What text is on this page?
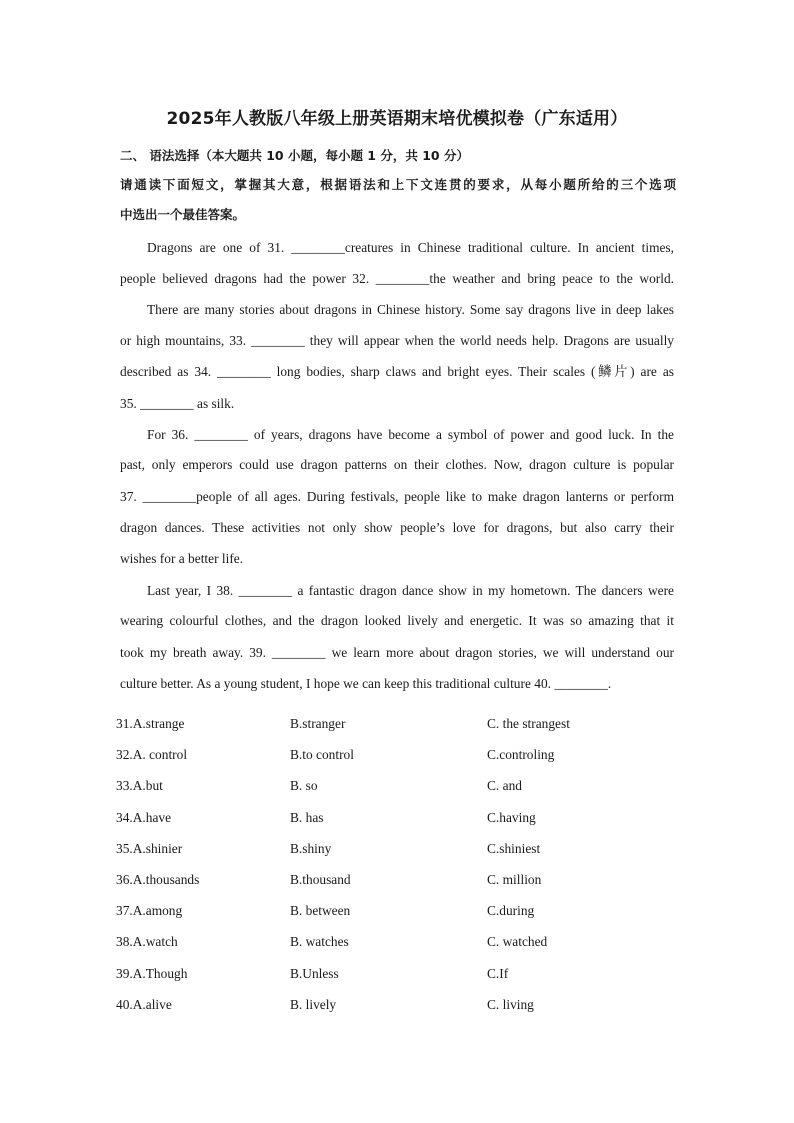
2025年人教版八年级上册英语期末培优模拟卷（广东适用）
二、 语法选择（本大题共 10 小题，每小题 1 分，共 10 分）
请通读下面短文，掌握其大意，根据语法和上下文连贯的要求，从每小题所给的三个选项
中选出一个最佳答案。
Dragons are one of 31. ________creatures in Chinese traditional culture. In ancient times,
people believed dragons had the power 32. ________the weather and bring peace to the world.
There are many stories about dragons in Chinese history. Some say dragons live in deep lakes
or high mountains, 33. ________ they will appear when the world needs help. Dragons are usually
described as 34. ________ long bodies, sharp claws and bright eyes. Their scales (鳞片) are as
35. ________ as silk.
For 36. ________ of years, dragons have become a symbol of power and good luck. In the
past, only emperors could use dragon patterns on their clothes. Now, dragon culture is popular
37. ________people of all ages. During festivals, people like to make dragon lanterns or perform
dragon dances. These activities not only show people’s love for dragons, but also carry their
wishes for a better life.
Last year, I 38. ________ a fantastic dragon dance show in my hometown. The dancers were
wearing colourful clothes, and the dragon looked lively and energetic. It was so amazing that it
took my breath away. 39. ________ we learn more about dragon stories, we will understand our
culture better. As a young student, I hope we can keep this traditional culture 40. ________.
31.A.strange	B.stranger	C. the strangest
32.A. control	B.to control	C.controling
33.A.but	B. so	C. and
34.A.have	B. has	C.having
35.A.shinier	B.shiny	C.shiniest
36.A.thousands	B.thousand	C. million
37.A.among	B. between	C.during
38.A.watch	B. watches	C. watched
39.A.Though	B.Unless	C.If
40.A.alive	B. lively	C. living
